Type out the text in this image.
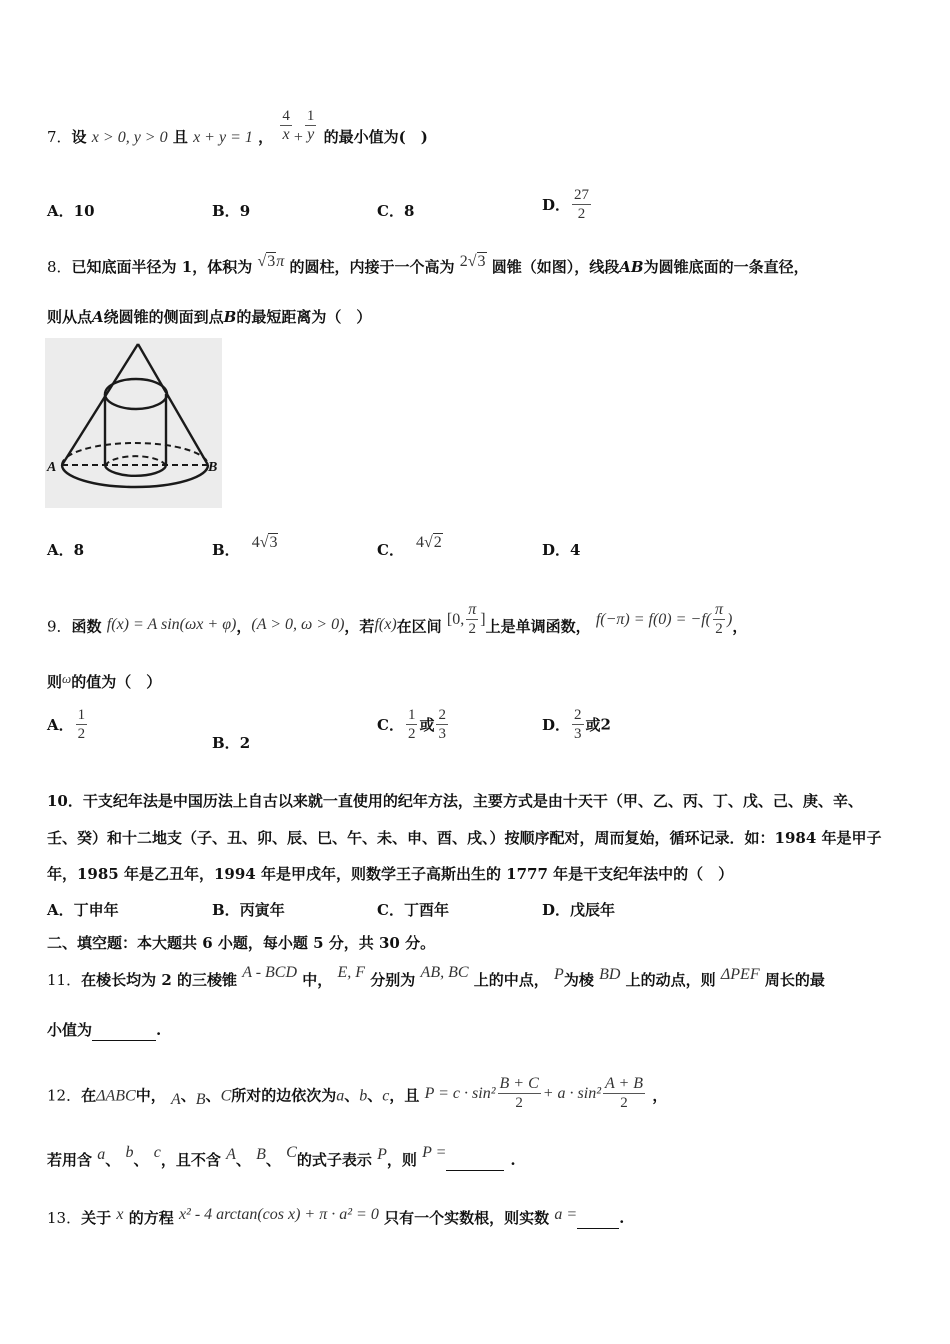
7．设 x > 0, y > 0 且 x + y = 1 ， $\frac{4}{x} + \frac{1}{y}$ 的最小值为(　)
A．10	B．9	C．8	D． $\frac{27}{2}$
8．已知底面半径为 1，体积为 √3π 的圆柱，内接于一个高为 2√3 圆锥（如图），线段AB为圆锥底面的一条直径，
则从点A绕圆锥的侧面到点B的最短距离为（　）
A	B
A．8	B． 4√3	C． 4√2	D．4
9．函数 f(x) = A sin(ωx + φ)，(A > 0, ω > 0)，若f(x)在区间 [0, $\frac{\pi}{2}$ ]上是单调函数， $f(-\pi) = f(0) = -f( \frac{\pi}{2}$ )，
则ω的值为（　）
A． $\frac{1}{2}$	B．2
C． $\frac{1}{2}$ 或 $\frac{2}{3}$	D． $\frac{2}{3}$ 或2
10．干支纪年法是中国历法上自古以来就一直使用的纪年方法，主要方式是由十天干（甲、乙、丙、丁、戊、己、庚、辛、
壬、癸）和十二地支（子、丑、卯、辰、巳、午、未、申、酉、戌、）按顺序配对，周而复始，循环记录．如：1984 年是甲子
年，1985 年是乙丑年，1994 年是甲戌年，则数学王子高斯出生的 1777 年是干支纪年法中的（　）
A．丁申年	B．丙寅年	C．丁酉年	D．戊辰年
二、填空题：本大题共 6 小题，每小题 5 分，共 30 分。
11．在棱长均为 2 的三棱锥 A - BCD 中， E, F 分别为 AB, BC 上的中点， P为棱 BD 上的动点，则 ΔPEF 周长的最
小值为	.
12．在ΔABC中， A、B、C所对的边依次为a、b、c，且 $P = c \cdot \sin^2 \frac{B + C}{2} + a \cdot \sin^2 \frac{A + B}{2}$ ，
若用含 a、 b、 c，且不含 A、 B、 C的式子表示 P，则 P =	.
13．关于 x 的方程 x² - 4 arctan(cos x) + π · a² = 0 只有一个实数根，则实数 a =	.
